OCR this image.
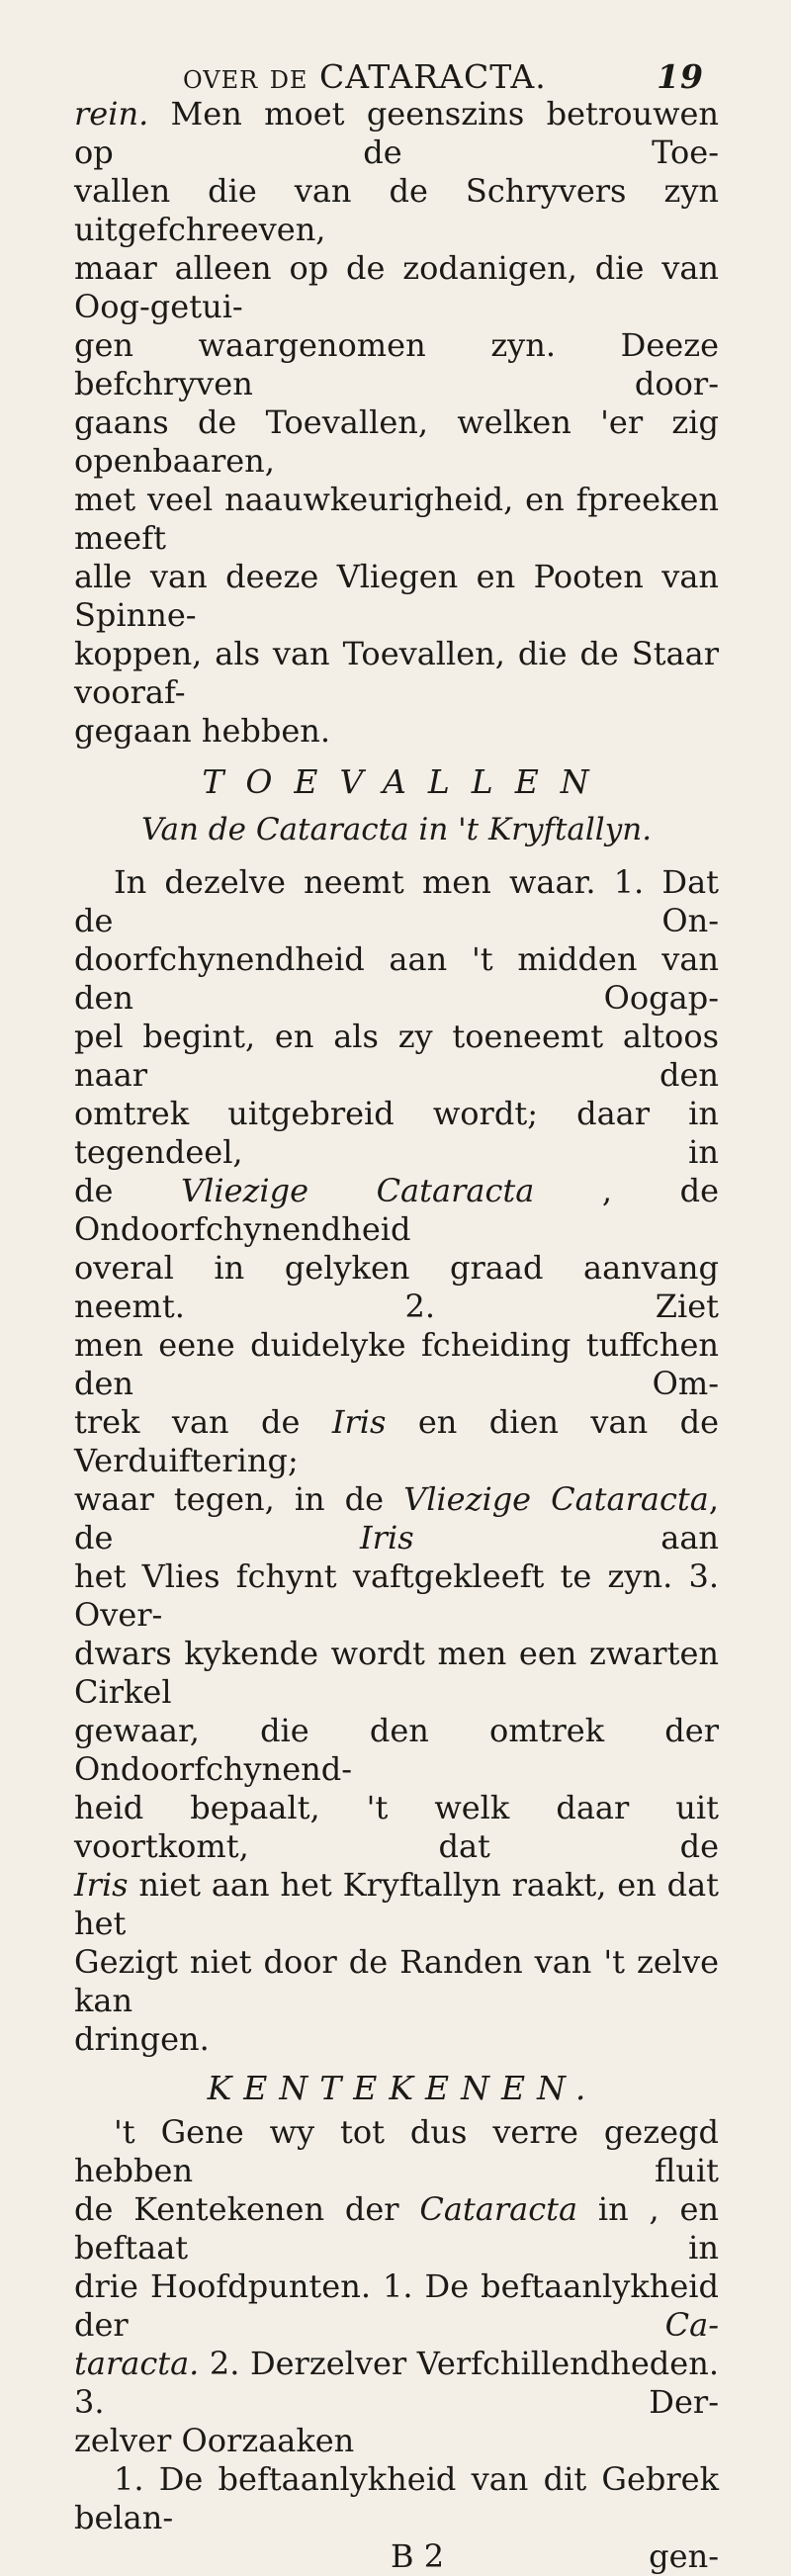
OVER DE CATARACTA.	19

rein. Men moet geenszins betrouwen op de Toe-

vallen die van de Schryvers zyn uitgefchreeven,

maar alleen op de zodanigen, die van Oog-getui-

gen waargenomen zyn. Deeze befchryven door-

gaans de Toevallen, welken 'er zig openbaaren,

met veel naauwkeurigheid, en fpreeken meeft

alle van deeze Vliegen en Pooten van Spinne-

koppen, als van Toevallen, die de Staar vooraf-

gegaan hebben.

TOEVALLEN
Van de Cataracta in 't Kryftallyn.

In dezelve neemt men waar. 1. Dat de On-

doorfchynendheid aan 't midden van den Oogap-

pel begint, en als zy toeneemt altoos naar den

omtrek uitgebreid wordt; daar in tegendeel, in

de Vliezige Cataracta , de Ondoorfchynendheid

overal in gelyken graad aanvang neemt. 2. Ziet

men eene duidelyke fcheiding tuffchen den Om-

trek van de Iris en dien van de Verduiftering;

waar tegen, in de Vliezige Cataracta, de Iris aan

het Vlies fchynt vaftgekleeft te zyn. 3. Over-

dwars kykende wordt men een zwarten Cirkel

gewaar, die den omtrek der Ondoorfchynend-

heid bepaalt, 't welk daar uit voortkomt, dat de

Iris niet aan het Kryftallyn raakt, en dat het

Gezigt niet door de Randen van 't zelve kan

dringen.

KENTEKENEN.

't Gene wy tot dus verre gezegd hebben fluit

de Kentekenen der Cataracta in , en beftaat in

drie Hoofdpunten. 1. De beftaanlykheid der Ca-

taracta. 2. Derzelver Verfchillendheden. 3. Der-

zelver Oorzaaken

1. De beftaanlykheid van dit Gebrek belan-

B 2	gen-
